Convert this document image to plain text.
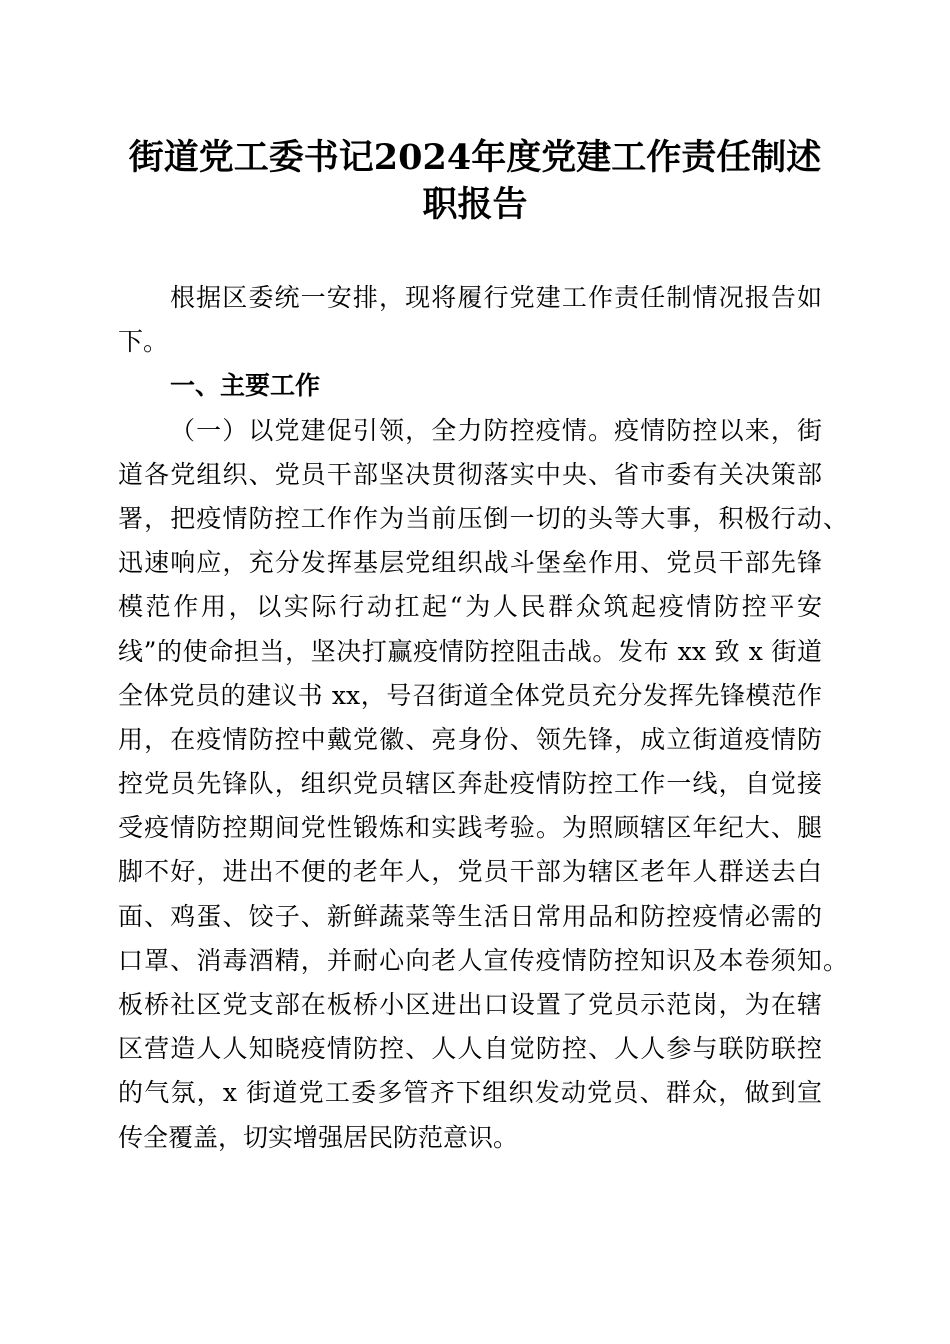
街道党工委书记2024年度党建工作责任制述
职报告
根据区委统一安排，现将履行党建工作责任制情况报告如
下。
一、主要工作
（一）以党建促引领，全力防控疫情。疫情防控以来，街
道各党组织、党员干部坚决贯彻落实中央、省市委有关决策部
署，把疫情防控工作作为当前压倒一切的头等大事，积极行动、
迅速响应，充分发挥基层党组织战斗堡垒作用、党员干部先锋
模范作用，以实际行动扛起“为人民群众筑起疫情防控平安
线”的使命担当，坚决打赢疫情防控阻击战。发布 xx 致 x 街道
全体党员的建议书 xx，号召街道全体党员充分发挥先锋模范作
用，在疫情防控中戴党徽、亮身份、领先锋，成立街道疫情防
控党员先锋队，组织党员辖区奔赴疫情防控工作一线，自觉接
受疫情防控期间党性锻炼和实践考验。为照顾辖区年纪大、腿
脚不好，进出不便的老年人，党员干部为辖区老年人群送去白
面、鸡蛋、饺子、新鲜蔬菜等生活日常用品和防控疫情必需的
口罩、消毒酒精，并耐心向老人宣传疫情防控知识及本卷须知。
板桥社区党支部在板桥小区进出口设置了党员示范岗，为在辖
区营造人人知晓疫情防控、人人自觉防控、人人参与联防联控
的气氛，x 街道党工委多管齐下组织发动党员、群众，做到宣
传全覆盖，切实增强居民防范意识。
